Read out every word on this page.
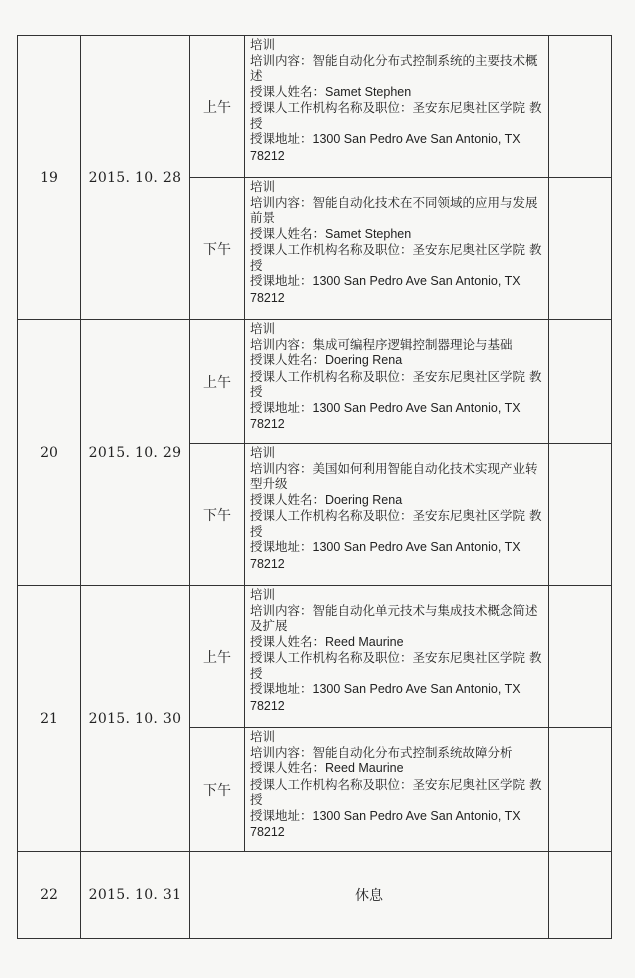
19	2015. 10. 28	上午	培训
培训内容：智能自动化分布式控制系统的主要技术概述
授课人姓名：Samet Stephen
授课人工作机构名称及职位：圣安东尼奥社区学院 教授
授课地址：1300 San Pedro Ave San Antonio, TX 78212	

		下午	培训
培训内容：智能自动化技术在不同领域的应用与发展前景
授课人姓名：Samet Stephen
授课人工作机构名称及职位：圣安东尼奥社区学院 教授
授课地址：1300 San Pedro Ave San Antonio, TX 78212	

20	2015. 10. 29	上午	培训
培训内容：集成可编程序逻辑控制器理论与基础
授课人姓名：Doering Rena
授课人工作机构名称及职位：圣安东尼奥社区学院 教授
授课地址：1300 San Pedro Ave San Antonio, TX 78212	

		下午	培训
培训内容：美国如何利用智能自动化技术实现产业转型升级
授课人姓名：Doering Rena
授课人工作机构名称及职位：圣安东尼奥社区学院 教授
授课地址：1300 San Pedro Ave San Antonio, TX 78212	

21	2015. 10. 30	上午	培训
培训内容：智能自动化单元技术与集成技术概念简述及扩展
授课人姓名：Reed Maurine
授课人工作机构名称及职位：圣安东尼奥社区学院 教授
授课地址：1300 San Pedro Ave San Antonio, TX 78212	

		下午	培训
培训内容：智能自动化分布式控制系统故障分析
授课人姓名：Reed Maurine
授课人工作机构名称及职位：圣安东尼奥社区学院 教授
授课地址：1300 San Pedro Ave San Antonio, TX 78212	

22	2015. 10. 31	休息		
